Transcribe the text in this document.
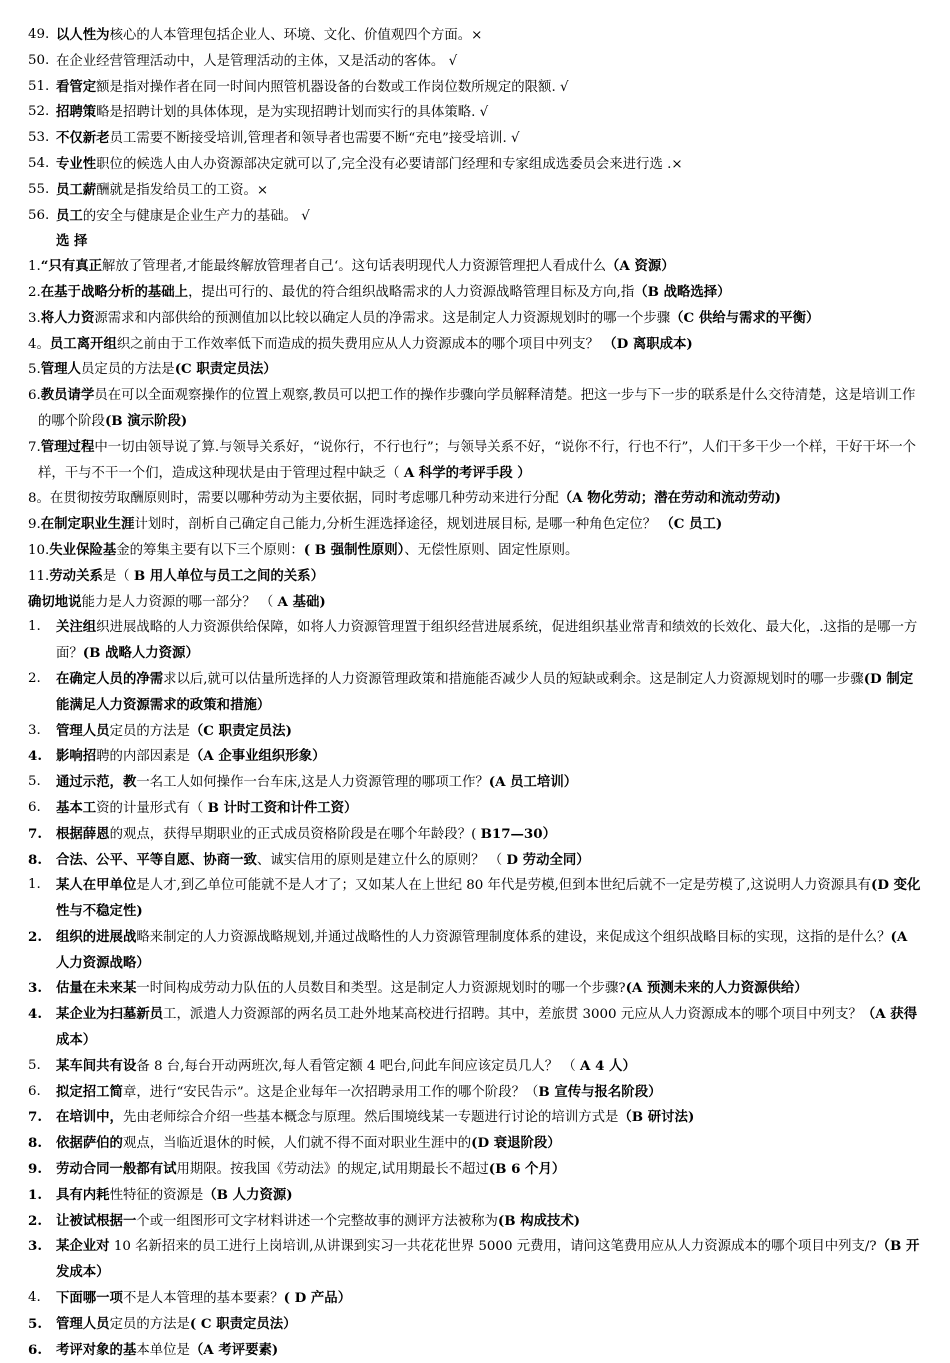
49. 以人性为核心的人本管理包括企业人、环境、文化、价值观四个方面。×
50. 在企业经营管理活动中，人是管理活动的主体，又是活动的客体。 √
51. 看管定额是指对操作者在同一时间内照管机器设备的台数或工作岗位数所规定的限额. √
52. 招聘策略是招聘计划的具体体现，是为实现招聘计划而实行的具体策略. √
53. 不仅新老员工需要不断接受培训,管理者和领导者也需要不断“充电”接受培训. √
54. 专业性职位的候选人由人办资源部决定就可以了,完全没有必要请部门经理和专家组成选委员会来进行选 .×
55. 员工薪酬就是指发给员工的工资。×
56. 员工的安全与健康是企业生产力的基础。 √
选 择
1.“只有真正解放了管理者,才能最终解放管理者自己‘。这句话表明现代人力资源管理把人看成什么（A 资源）
2.在基于战略分析的基础上，提出可行的、最优的符合组织战略需求的人力资源战略管理目标及方向,指（B 战略选择）
3.将人力资源需求和内部供给的预测值加以比较以确定人员的净需求。这是制定人力资源规划时的哪一个步骤（C 供给与需求的平衡）
4。员工离开组织之前由于工作效率低下而造成的损失费用应从人力资源成本的哪个项目中列支？ （D 离职成本)
5.管理人员定员的方法是(C 职责定员法）
6.教员请学员在可以全面观察操作的位置上观察,教员可以把工作的操作步骤向学员解释清楚。把这一步与下一步的联系是什么交待清楚，这是培训工作的哪个阶段(B 演示阶段)
7.管理过程中一切由领导说了算.与领导关系好，“说你行，不行也行”；与领导关系不好，“说你不行，行也不行”，人们干多干少一个样，干好干坏一个样，干与不干一个们，造成这种现状是由于管理过程中缺乏（ A 科学的考评手段 ）
8。在贯彻按劳取酬原则时，需要以哪种劳动为主要依据，同时考虑哪几种劳动来进行分配（A 物化劳动；潜在劳动和流动劳动)
9.在制定职业生涯计划时，剖析自己确定自己能力,分析生涯选择途径，规划进展目标, 是哪一种角色定位？ （C 员工)
10.失业保险基金的筹集主要有以下三个原则：( B 强制性原则）、无偿性原则、固定性原则。
11.劳动关系是（ B 用人单位与员工之间的关系）
确切地说能力是人力资源的哪一部分？ （ A 基础)
1. 关注组织进展战略的人力资源供给保障，如将人力资源管理置于组织经营进展系统，促进组织基业常青和绩效的长效化、最大化，.这指的是哪一方面？(B 战略人力资源）
2. 在确定人员的净需求以后,就可以估量所选择的人力资源管理政策和措施能否减少人员的短缺或剩余。这是制定人力资源规划时的哪一步骤(D 制定能满足人力资源需求的政策和措施）
3. 管理人员定员的方法是（C 职责定员法)
4. 影响招聘的内部因素是（A 企事业组织形象）
5. 通过示范，教一名工人如何操作一台车床,这是人力资源管理的哪项工作？(A 员工培训）
6. 基本工资的计量形式有（ B 计时工资和计件工资）
7. 根据薛恩的观点，获得早期职业的正式成员资格阶段是在哪个年龄段？( B17—30）
8. 合法、公平、平等自愿、协商一致、诚实信用的原则是建立什么的原则？ （ D 劳动全同）
1. 某人在甲单位是人才,到乙单位可能就不是人才了；又如某人在上世纪 80 年代是劳模,但到本世纪后就不一定是劳模了,这说明人力资源具有(D 变化性与不稳定性)
2. 组织的进展战略来制定的人力资源战略规划,并通过战略性的人力资源管理制度体系的建设，来促成这个组织战略目标的实现，这指的是什么？(A 人力资源战略）
3. 估量在未来某一时间构成劳动力队伍的人员数目和类型。这是制定人力资源规划时的哪一个步骤?(A 预测未来的人力资源供给）
4. 某企业为扫墓新员工，派遣人力资源部的两名员工赴外地某高校进行招聘。其中，差旅贯 3000 元应从人力资源成本的哪个项目中列支？（A 获得成本）
5. 某车间共有设备 8 台,每台开动两班次,每人看管定额 4 吧台,问此车间应该定员几人？ （ A 4 人）
6. 拟定招工简章，进行“安民告示”。这是企业每年一次招聘录用工作的哪个阶段？（B 宣传与报名阶段）
7. 在培训中，先由老师综合介绍一些基本概念与原理。然后围境线某一专题进行讨论的培训方式是（B 研讨法)
8. 依据萨伯的观点，当临近退休的时候，人们就不得不面对职业生涯中的(D 衰退阶段）
9. 劳动合同一般都有试用期限。按我国《劳动法》的规定,试用期最长不超过(B 6 个月）
1. 具有内耗性特征的资源是（B 人力资源)
2. 让被试根据一个或一组图形可文字材料讲述一个完整故事的测评方法被称为(B 构成技术)
3. 某企业对 10 名新招来的员工进行上岗培训,从讲课到实习一共花花世界 5000 元费用，请问这笔费用应从人力资源成本的哪个项目中列支/?（B 开发成本）
4. 下面哪一项不是人本管理的基本要素？( D 产品）
5. 管理人员定员的方法是( C 职责定员法）
6. 考评对象的基本单位是（A 考评要素)
